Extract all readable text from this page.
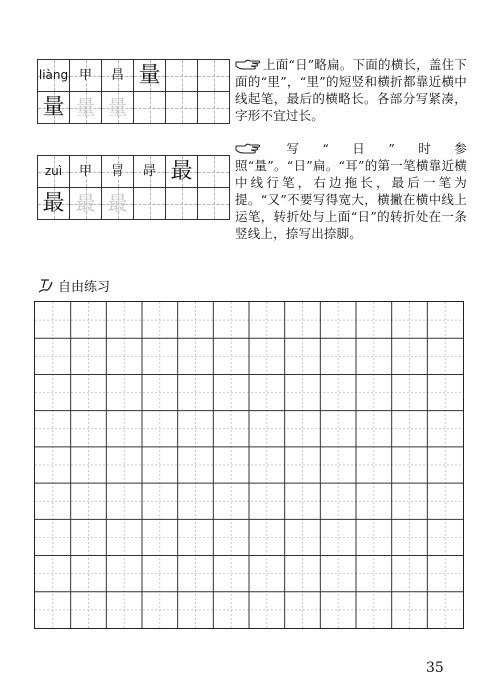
liàng	甲	昌	量		

量	量	量			

zuì	甲	冐	冔	最	

最	最	最			

上面“日”略扁。下面的横长，盖住下面的“里”，“里”的短竖和横折都靠近横中线起笔，最后的横略长。各部分写紧凑，字形不宜过长。
写“日”时参照“量”。“日”扁。“耳”的第一笔横靠近横中线行笔，右边拖长，最后一笔为提。“又”不要写得宽大，横撇在横中线上运笔，转折处与上面“日”的转折处在一条竖线上，捺写出捺脚。
自由练习
35
